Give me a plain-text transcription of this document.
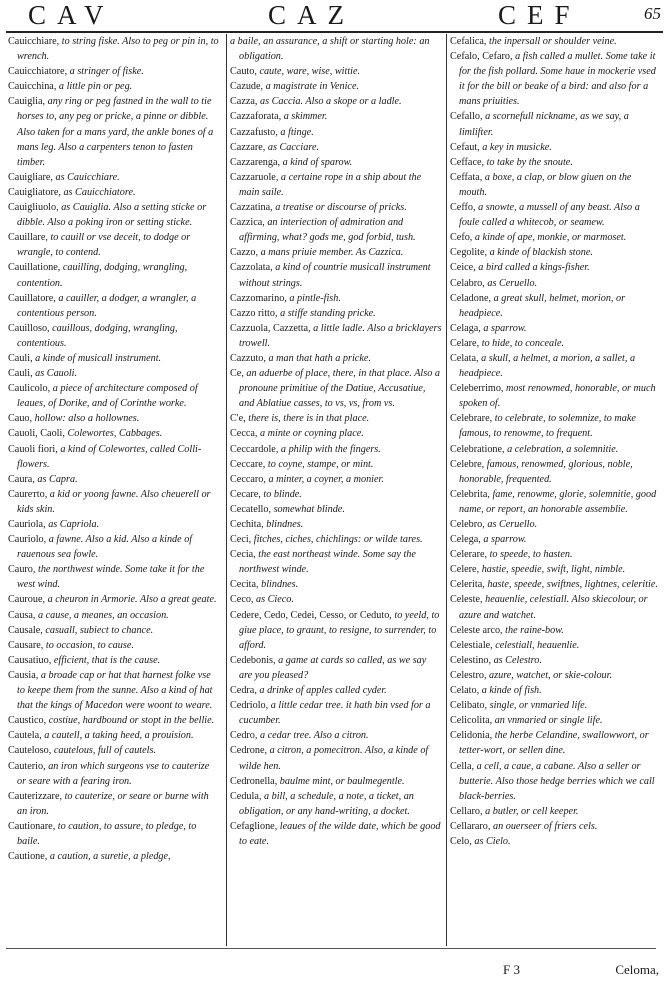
CAV	CAZ	CEF	65
Cauicchiare, to string fiske. Also to peg or pin in, to wrench.
Cauicchiatore, a stringer of fiske.
Cauicchina, a little pin or peg.
Cauiglia, any ring or peg fastned in the wall to tie horses to, any peg or pricke, a pinne or dibble. Also taken for a mans yard, the ankle bones of a mans leg. Also a carpenters tenon to fasten timber.
Cauigliare, as Cauicchiare.
Cauigliatore, as Cauicchiatore.
Cauigliuolo, as Cauiglia. Also a setting sticke or dibble. Also a poking iron or setting sticke.
Cauillare, to cauill or vse deceit, to dodge or wrangle, to contend.
Cauillatione, cauilling, dodging, wrangling, contention.
Cauillatore, a cauiller, a dodger, a wrangler, a contentious person.
Cauillosо, cauillous, dodging, wrangling, contentious.
Cauli, a kinde of musicall instrument.
Cauli, as Cauoli.
Caulicolo, a piece of architecture composed of leaues, of Dorike, and of Corinthe worke.
Cauo, hollow: also a hollownes.
Cauoli, Caoli, Colewortes, Cabbages.
Cauoli fiori, a kind of Colewortes, called Colli-flowers.
Caura, as Capra.
Caurетto, a kid or yoong fawne. Also cheuerell or kids skin.
Cauriola, as Capriola.
Cauriolo, a fawne. Also a kid. Also a kinde of rauenous sea fowle.
Cauro, the northwest winde. Some take it for the west wind.
Cauroue, a cheuron in Armorie. Also a great geate.
Causa, a cause, a meanes, an occasion.
Causale, casuall, subiect to chance.
Causare, to occasion, to cause.
Causatiuo, efficient, that is the cause.
Causia, a broade cap or hat that harnest folke vse to keepe them from the sunne. Also a kind of hat that the kings of Macedon were woont to weare.
Caustico, costiue, hardbound or stopt in the bellie.
Cautela, a cautell, a taking heed, a prouision.
Cauteloso, cautelous, full of cautels.
Cauterio, an iron which surgeons vse to cauterize or seare with a fearing iron.
Cauterizzare, to cauterize, or seare or burne with an iron.
Cautionare, to caution, to assure, to pledge, to baile.
Cautione, a caution, a suretie, a pledge,
a baile, an assurance, a shift or starting hole: an obligation.
Cauto, caute, ware, wise, wittie.
Cazude, a magistrate in Venice.
Cazza, as Caccia. Also a skope or a ladle.
Cazzaforata, a skimmer.
Cazzafusto, a ftinge.
Cazzare, as Cacciare.
Cazzarenga, a kind of sparow.
Cazzaruole, a certaine rope in a ship about the main saile.
Cazzatina, a treatise or discourse of pricks.
Cazzica, an interiection of admiration and affirming, what? gods me, god forbid, tush.
Cazzo, a mans priuie member. As Cazzica.
Cazzolata, a kind of countrie musicall instrument without strings.
Cazzomarino, a pintle-fish.
Cazzo ritto, a stiffe standing pricke.
Cazzuola, Cazzetta, a little ladle. Also a bricklayers trowell.
Cazzuto, a man that hath a pricke.
Ce, an aduerbe of place, there, in that place. Also a pronoune primitiue of the Datiue, Accusatiue, and Ablatiue casses, to vs, vs, from vs.
C'e, there is, there is in that place.
Cecca, a minte or coyning place.
Ceccardole, a philip with the fingers.
Ceccare, to coyne, stampe, or mint.
Ceccaro, a minter, a coyner, a monier.
Cecare, to blinde.
Cecatello, somewhat blinde.
Cechita, blindnes.
Ceci, fitches, ciches, chichlings: or wilde tares.
Cecia, the east northeast winde. Some say the northwest winde.
Cecita, blindnes.
Ceco, as Cieco.
Cedere, Cedo, Cedei, Cesso, or Ceduto, to yeeld, to giue place, to graunt, to resigne, to surrender, to afford.
Cedebonis, a game at cards so called, as we say are you pleased?
Cedra, a drinke of apples called cyder.
Cedriolo, a little cedar tree. it hath bin vsed for a cucumber.
Cedro, a cedar tree. Also a citron.
Cedrone, a citron, a pomecitron. Also, a kinde of wilde hen.
Cedronella, baulme mint, or baulmegentle.
Cedula, a bill, a schedule, a note, a ticket, an obligation, or any hand-writing, a docket.
Cefaglione, leaues of the wilde date, which be good to eate.
Cefalica, the inpersall or shoulder veine.
Cefalo, Cefaro, a fish called a mullet. Some take it for the fish pollard. Some haue in mockerie vsed it for the bill or beake of a bird: and also for a mans priuities.
Cefallo, a scornefull nickname, as we say, a limlifter.
Cefaut, a key in musicke.
Cefface, to take by the snoute.
Ceffata, a boxe, a clap, or blow giuen on the mouth.
Ceffo, a snowte, a mussell of any beast. Also a foule called a whitecob, or seamew.
Cefo, a kinde of ape, monkie, or marmoset.
Cegolite, a kinde of blackish stone.
Ceice, a bird called a kings-fisher.
Celabro, as Ceruello.
Celadone, a great skull, helmet, morion, or headpiece.
Celaga, a sparrow.
Celare, to hide, to conceale.
Celata, a skull, a helmet, a morion, a sallet, a headpiece.
Celeberrimo, most renowmed, honorable, or much spoken of.
Celebrare, to celebrate, to solemnize, to make famous, to renowme, to frequent.
Celebratione, a celebration, a solemnitie.
Celebre, famous, renowmed, glorious, noble, honorable, frequented.
Celebrita, fame, renowme, glorie, solemnitie, good name, or report, an honorable assemblie.
Celebro, as Ceruello.
Celega, a sparrow.
Celerare, to speede, to hasten.
Celere, hastie, speedie, swift, light, nimble.
Celerita, haste, speede, swiftnes, lightnes, celeritie.
Celeste, heauenlie, celestiall. Also skiecolour, or azure and watchet.
Celeste arco, the raine-bow.
Celestiale, celestiall, heauenlie.
Celestino, as Celestro.
Celestro, azure, watchet, or skie-colour.
Celato, a kinde of fish.
Celibato, single, or vnmaried life.
Celicolita, an vnmaried or single life.
Celidonia, the herbe Celandine, swallowwort, or tetter-wort, or sellen dine.
Cella, a cell, a caue, a cabane. Also a seller or butterie. Also those hedge berries which we call black-berries.
Cellaro, a butler, or cell keeper.
Cellarаro, an ouerseer of friers cels.
Celo, as Cielo.
F 3	Celoma,
